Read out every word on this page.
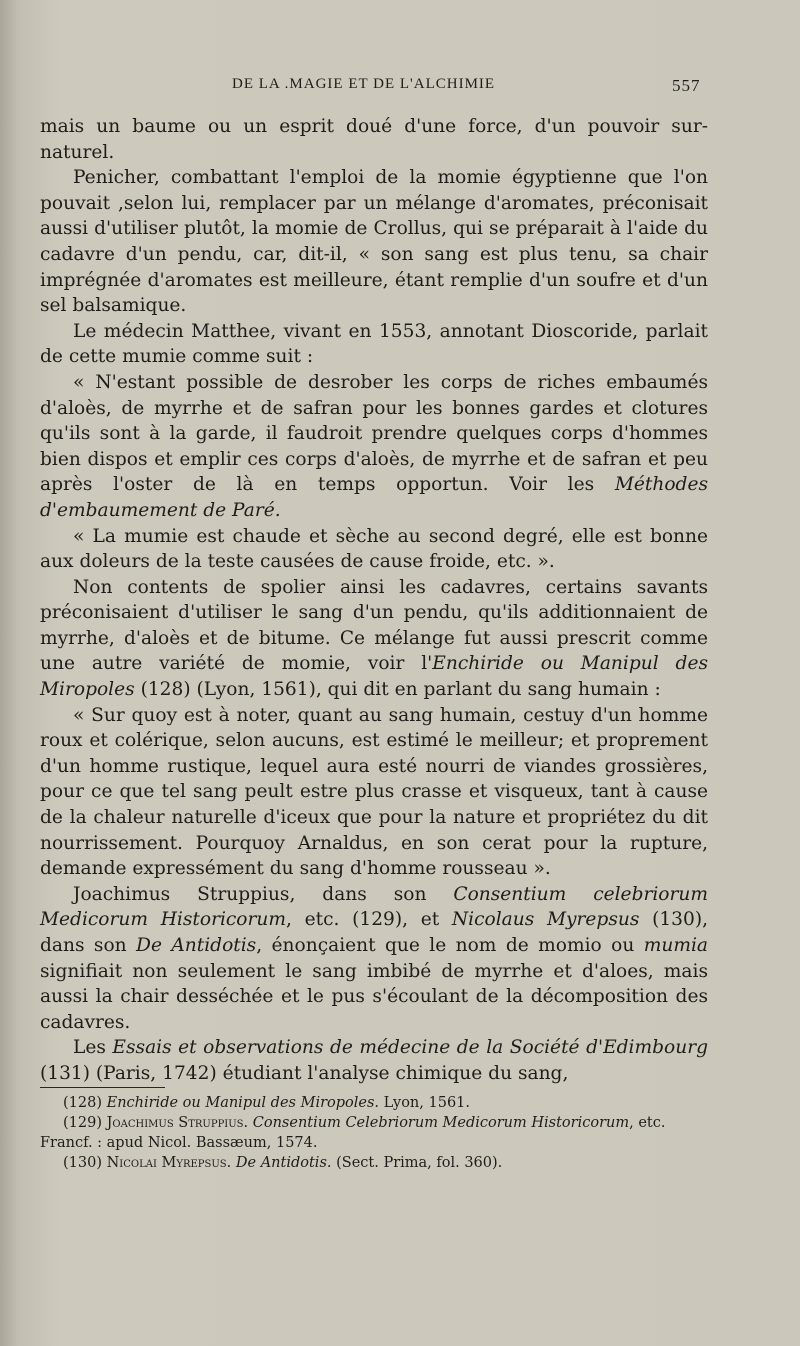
DE LA .MAGIE ET DE L'ALCHIMIE	557

mais un baume ou un esprit doué d'une force, d'un pouvoir sur-naturel.

Penicher, combattant l'emploi de la momie égyptienne que l'on pouvait ,selon lui, remplacer par un mélange d'aromates, préconisait aussi d'utiliser plutôt, la momie de Crollus, qui se préparait à l'aide du cadavre d'un pendu, car, dit-il, « son sang est plus tenu, sa chair imprégnée d'aromates est meilleure, étant remplie d'un soufre et d'un sel balsamique.

Le médecin Matthee, vivant en 1553, annotant Dioscoride, parlait de cette mumie comme suit :

« N'estant possible de desrober les corps de riches embaumés d'aloès, de myrrhe et de safran pour les bonnes gardes et clotures qu'ils sont à la garde, il faudroit prendre quelques corps d'hommes bien dispos et emplir ces corps d'aloès, de myrrhe et de safran et peu après l'oster de là en temps opportun. Voir les Méthodes d'embaumement de Paré.

« La mumie est chaude et sèche au second degré, elle est bonne aux doleurs de la teste causées de cause froide, etc. ».

Non contents de spolier ainsi les cadavres, certains savants préconisaient d'utiliser le sang d'un pendu, qu'ils additionnaient de myrrhe, d'aloès et de bitume. Ce mélange fut aussi prescrit comme une autre variété de momie, voir l'Enchiride ou Manipul des Miropoles (128) (Lyon, 1561), qui dit en parlant du sang humain :

« Sur quoy est à noter, quant au sang humain, cestuy d'un homme roux et colérique, selon aucuns, est estimé le meilleur; et proprement d'un homme rustique, lequel aura esté nourri de viandes grossières, pour ce que tel sang peult estre plus crasse et visqueux, tant à cause de la chaleur naturelle d'iceux que pour la nature et propriétez du dit nourrissement. Pourquoy Arnaldus, en son cerat pour la rupture, demande expressément du sang d'homme rousseau ».

Joachimus Struppius, dans son Consentium celebriorum Medicorum Historicorum, etc. (129), et Nicolaus Myrepsus (130), dans son De Antidotis, énonçaient que le nom de momio ou mumia signifiait non seulement le sang imbibé de myrrhe et d'aloes, mais aussi la chair desséchée et le pus s'écoulant de la décomposition des cadavres.

Les Essais et observations de médecine de la Société d'Edimbourg (131) (Paris, 1742) étudiant l'analyse chimique du sang,

(128) Enchiride ou Manipul des Miropoles. Lyon, 1561.

(129) Joachimus Struppius. Consentium Celebriorum Medicorum Historicorum, etc. Francf. : apud Nicol. Bassæum, 1574.

(130) Nicolai Myrepsus. De Antidotis. (Sect. Prima, fol. 360).
